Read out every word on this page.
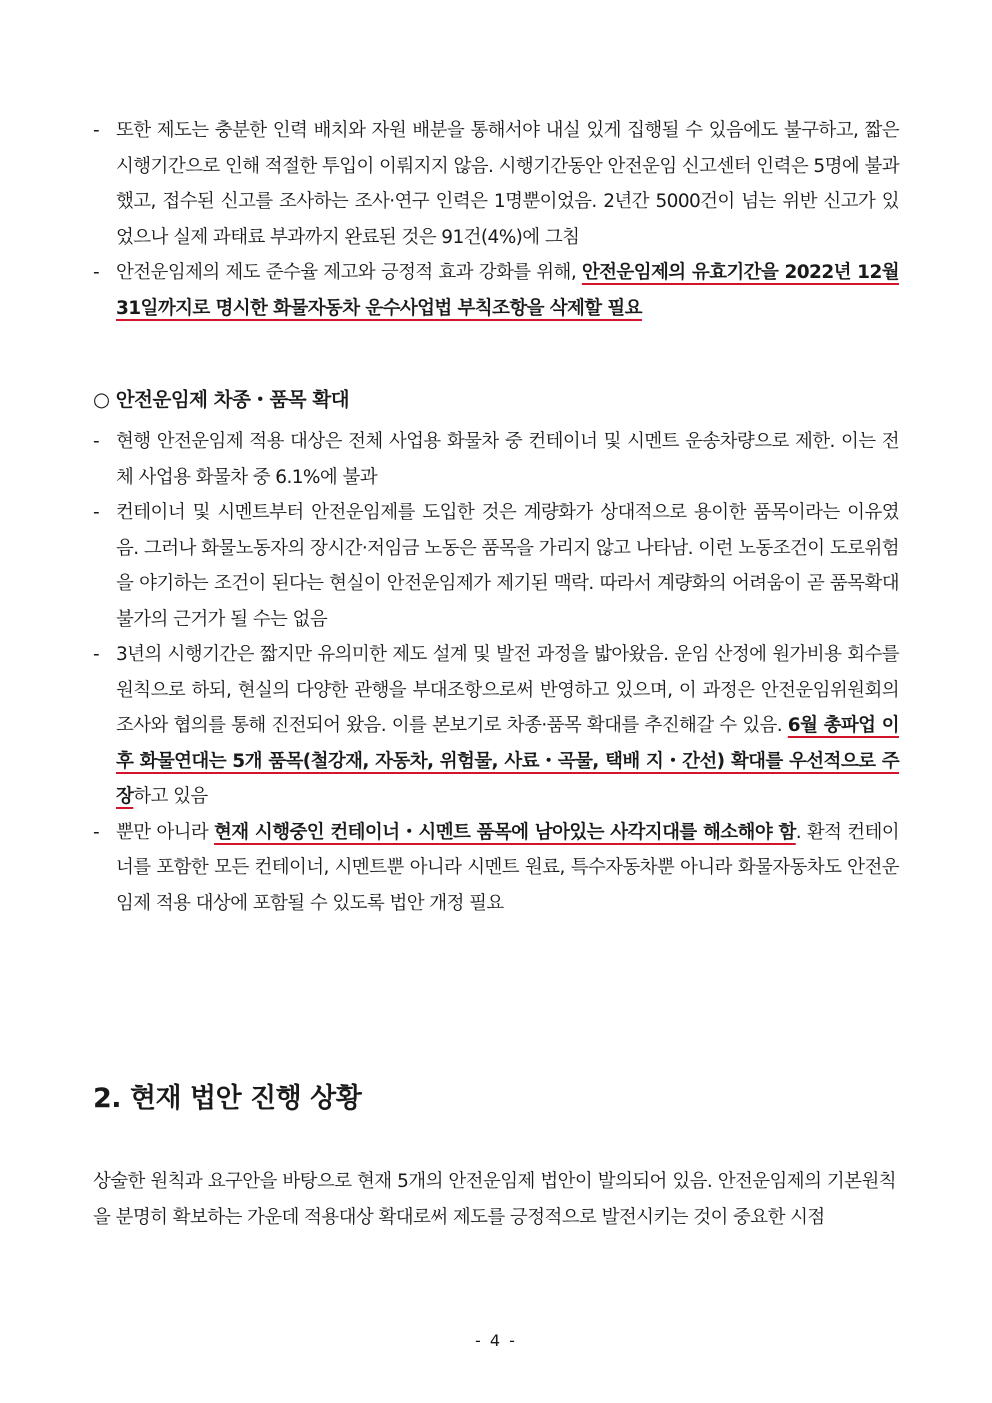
- 또한 제도는 충분한 인력 배치와 자원 배분을 통해서야 내실 있게 집행될 수 있음에도 불구하고, 짧은 시행기간으로 인해 적절한 투입이 이뤄지지 않음. 시행기간동안 안전운임 신고센터 인력은 5명에 불과했고, 접수된 신고를 조사하는 조사·연구 인력은 1명뿐이었음. 2년간 5000건이 넘는 위반 신고가 있었으나 실제 과태료 부과까지 완료된 것은 91건(4%)에 그침
- 안전운임제의 제도 준수율 제고와 긍정적 효과 강화를 위해, 안전운임제의 유효기간을 2022년 12월 31일까지로 명시한 화물자동차 운수사업법 부칙조항을 삭제할 필요
○ 안전운임제 차종・품목 확대
- 현행 안전운임제 적용 대상은 전체 사업용 화물차 중 컨테이너 및 시멘트 운송차량으로 제한. 이는 전체 사업용 화물차 중 6.1%에 불과
- 컨테이너 및 시멘트부터 안전운임제를 도입한 것은 계량화가 상대적으로 용이한 품목이라는 이유였음. 그러나 화물노동자의 장시간·저임금 노동은 품목을 가리지 않고 나타남. 이런 노동조건이 도로위험을 야기하는 조건이 된다는 현실이 안전운임제가 제기된 맥락. 따라서 계량화의 어려움이 곧 품목확대 불가의 근거가 될 수는 없음
- 3년의 시행기간은 짧지만 유의미한 제도 설계 및 발전 과정을 밟아왔음. 운임 산정에 원가비용 회수를 원칙으로 하되, 현실의 다양한 관행을 부대조항으로써 반영하고 있으며, 이 과정은 안전운임위원회의 조사와 협의를 통해 진전되어 왔음. 이를 본보기로 차종·품목 확대를 추진해갈 수 있음. 6월 총파업 이후 화물연대는 5개 품목(철강재, 자동차, 위험물, 사료・곡물, 택배 지・간선) 확대를 우선적으로 주장하고 있음
- 뿐만 아니라 현재 시행중인 컨테이너・시멘트 품목에 남아있는 사각지대를 해소해야 함. 환적 컨테이너를 포함한 모든 컨테이너, 시멘트뿐 아니라 시멘트 원료, 특수자동차뿐 아니라 화물자동차도 안전운임제 적용 대상에 포함될 수 있도록 법안 개정 필요
2. 현재 법안 진행 상황
상술한 원칙과 요구안을 바탕으로 현재 5개의 안전운임제 법안이 발의되어 있음. 안전운임제의 기본원칙을 분명히 확보하는 가운데 적용대상 확대로써 제도를 긍정적으로 발전시키는 것이 중요한 시점
- 4 -
